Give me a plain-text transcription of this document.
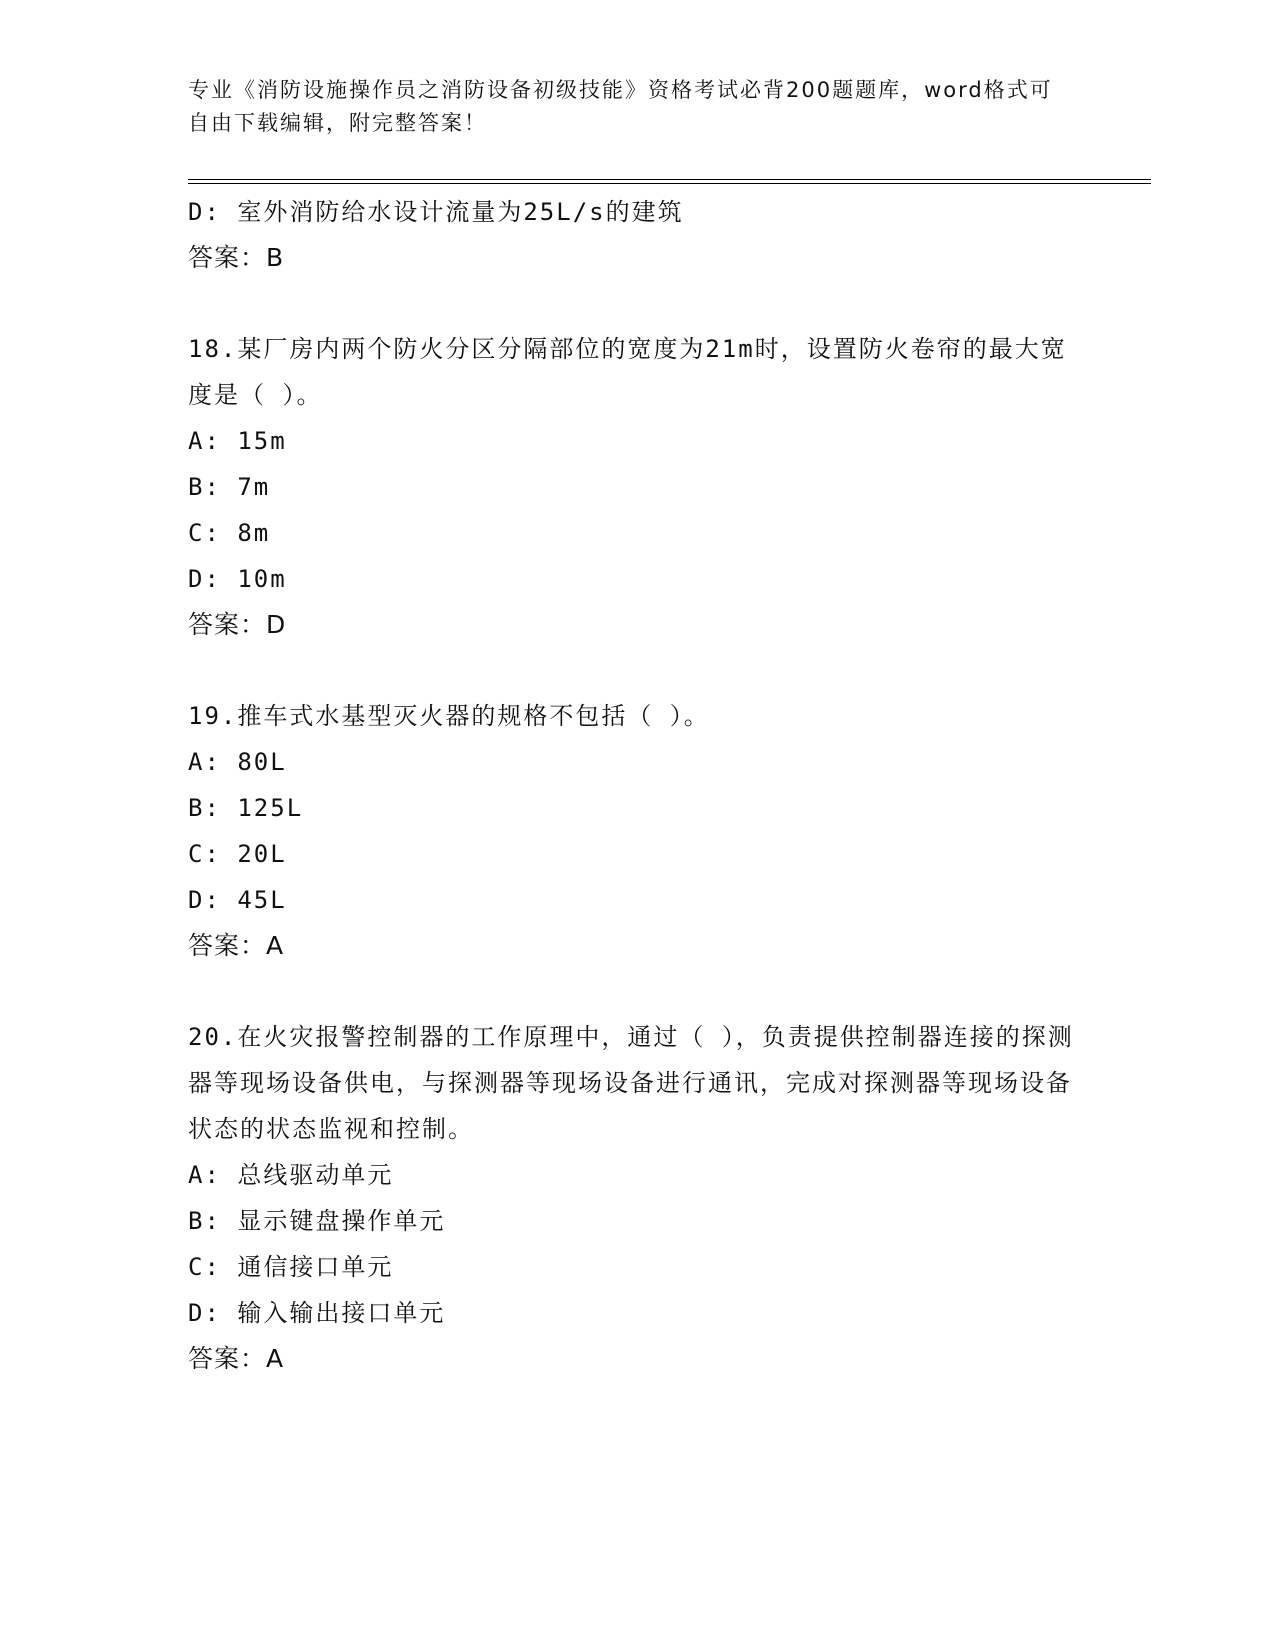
专业《消防设施操作员之消防设备初级技能》资格考试必背200题题库，word格式可自由下载编辑，附完整答案！
D: 室外消防给水设计流量为25L/s的建筑
答案：B

18.某厂房内两个防火分区分隔部位的宽度为21m时，设置防火卷帘的最大宽度是（ ）。

A: 15m
B: 7m
C: 8m
D: 10m
答案：D

19.推车式水基型灭火器的规格不包括（ ）。

A: 80L
B: 125L
C: 20L
D: 45L
答案：A

20.在火灾报警控制器的工作原理中，通过（ ），负责提供控制器连接的探测器等现场设备供电，与探测器等现场设备进行通讯，完成对探测器等现场设备状态的状态监视和控制。

A: 总线驱动单元
B: 显示键盘操作单元
C: 通信接口单元
D: 输入输出接口单元
答案：A
